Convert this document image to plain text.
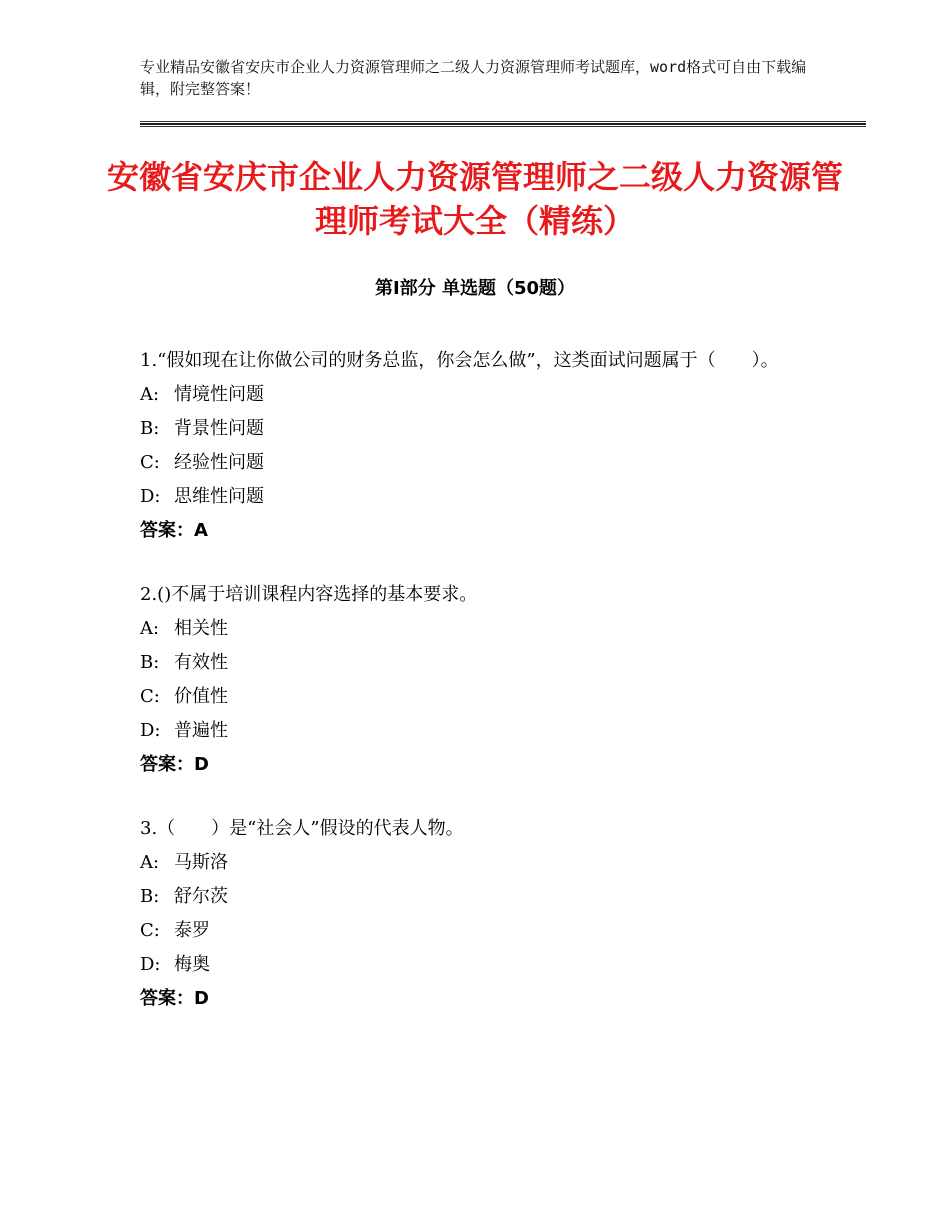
专业精品安徽省安庆市企业人力资源管理师之二级人力资源管理师考试题库，word格式可自由下载编辑，附完整答案！
安徽省安庆市企业人力资源管理师之二级人力资源管理师考试大全（精练）
第Ⅰ部分 单选题（50题）
1.“假如现在让你做公司的财务总监，你会怎么做”，这类面试问题属于（　　）。
A: 情境性问题
B: 背景性问题
C: 经验性问题
D: 思维性问题
答案：A
2.()不属于培训课程内容选择的基本要求。
A: 相关性
B: 有效性
C: 价值性
D: 普遍性
答案：D
3.（　　）是“社会人”假设的代表人物。
A: 马斯洛
B: 舒尔茨
C: 泰罗
D: 梅奥
答案：D
